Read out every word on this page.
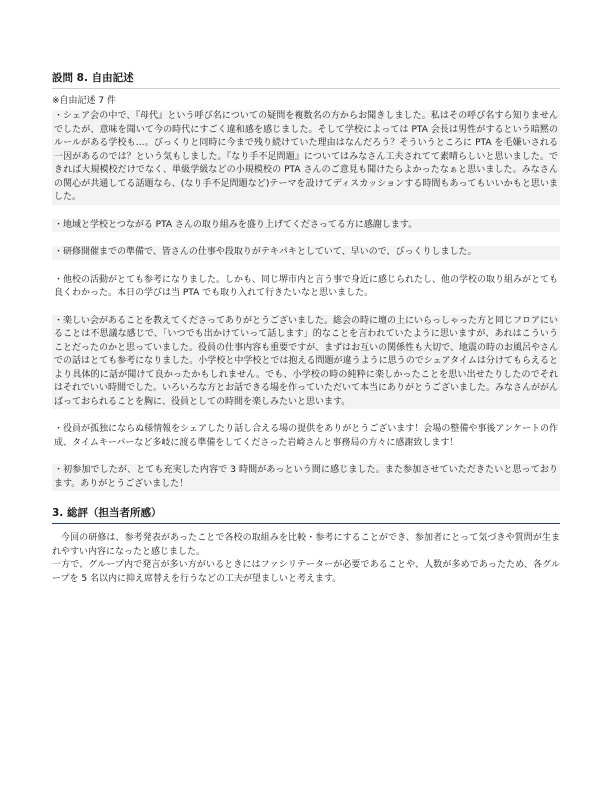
設問 8. 自由記述

※自由記述 7 件

・シェア会の中で、『母代』という呼び名についての疑問を複数名の方からお聞きしました。私はその呼び名すら知りませんでしたが、意味を聞いて今の時代にすごく違和感を感じました。そして学校によっては PTA 会長は男性がするという暗黙のルールがある学校も…。びっくりと同時に今まで残り続けていた理由はなんだろう？そういうところに PTA を毛嫌いされる一因があるのでは？という気もしました。『なり手不足問題』についてはみなさん工夫されてて素晴らしいと思いました。できれば大規模校だけでなく、単級学級などの小規模校の PTA さんのご意見も聞けたらよかったなぁと思いました。みなさんの関心が共通してる話題なら、(なり手不足問題など)テーマを設けてディスカッションする時間もあってもいいかもと思いました。

・地域と学校とつながる PTA さんの取り組みを盛り上げてくださってる方に感謝します。

・研修開催までの準備で、皆さんの仕事や段取りがテキパキとしていて、早いので、びっくりしました。

・他校の活動がとても参考になりました。しかも、同じ堺市内と言う事で身近に感じられたし、他の学校の取り組みがとても良くわかった。本日の学びは当 PTA でも取り入れて行きたいなと思いました。

・楽しい会があることを教えてくださってありがとうございました。総会の時に壇の上にいらっしゃった方と同じフロアにいることは不思議な感じで、「いつでも出かけていって話します」的なことを言われていたように思いますが、あれはこういうことだったのかと思っていました。役員の仕事内容も重要ですが、まずはお互いの関係性も大切で、地震の時のお風呂やさんでの話はとても参考になりました。小学校と中学校とでは抱える問題が違うように思うのでシェアタイムは分けてもらえるとより具体的に話が聞けて良かったかもしれません。でも、小学校の時の純粋に楽しかったことを思い出せたりしたのでそれはそれでいい時間でした。いろいろな方とお話できる場を作っていただいて本当にありがとうございました。みなさんががんばっておられることを胸に、役員としての時間を楽しみたいと思います。

・役員が孤独にならぬ様情報をシェアしたり話し合える場の提供をありがとうございます！会場の整備や事後アンケートの作成、タイムキーパーなど多岐に渡る準備をしてくださった岩崎さんと事務局の方々に感謝致します！

・初参加でしたが、とても充実した内容で 3 時間があっという間に感じました。また参加させていただきたいと思っております。ありがとうございました！

3. 総評（担当者所感）

今回の研修は、参考発表があったことで各校の取組みを比較・参考にすることができ、参加者にとって気づきや質問が生まれやすい内容になったと感じました。
一方で、グループ内で発言が多い方がいるときにはファシリテーターが必要であることや、人数が多めであったため、各グループを 5 名以内に抑え席替えを行うなどの工夫が望ましいと考えます。
